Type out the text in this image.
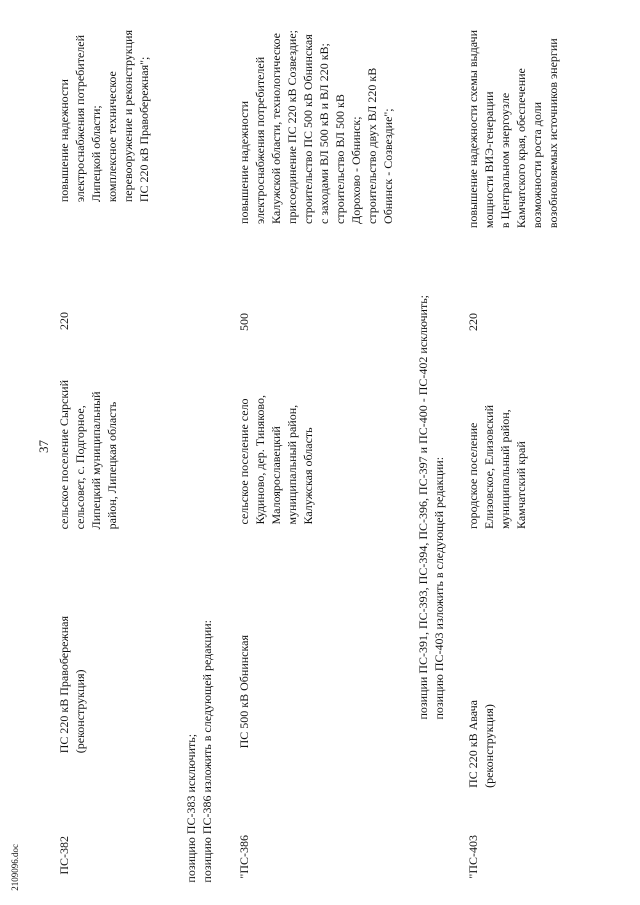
37
ПС-382
ПС 220 кВ Правобережная (реконструкция)
сельское поселение Сырский сельсовет, с. Подгорное, Липецкий муниципальный район, Липецкая область
220
повышение надежности электроснабжения потребителей Липецкой области; комплексное техническое перевооружение и реконструкция ПС 220 кВ Правобережная";
позицию ПС-383 исключить; позицию ПС-386 изложить в следующей редакции: "ПС-386
ПС 500 кВ Обнинская
сельское поселение село Кудиново, дер. Тиняково, Малоярославецкий муниципальный район, Калужская область
500
повышение надежности электроснабжения потребителей Калужской области, технологическое присоединение ПС 220 кВ Созвездие; строительство ПС 500 кВ Обнинская с заходами ВЛ 500 кВ и ВЛ 220 кВ; строительство ВЛ 500 кВ Дорохово - Обнинск; строительство двух ВЛ 220 кВ Обнинск - Созвездие";
позиции ПС-391, ПС-393, ПС-394, ПС-396, ПС-397 и ПС-400 - ПС-402 исключить; позицию ПС-403 изложить в следующей редакции:
"ПС-403
ПС 220 кВ Авача (реконструкция)
городское поселение Елизовское, Елизовский муниципальный район, Камчатский край
220
повышение надежности схемы выдачи мощности ВИЭ-генерации в Центральном энергоузле Камчатского края, обеспечение возможности роста доли возобновляемых источников энергии
2109096.doc
